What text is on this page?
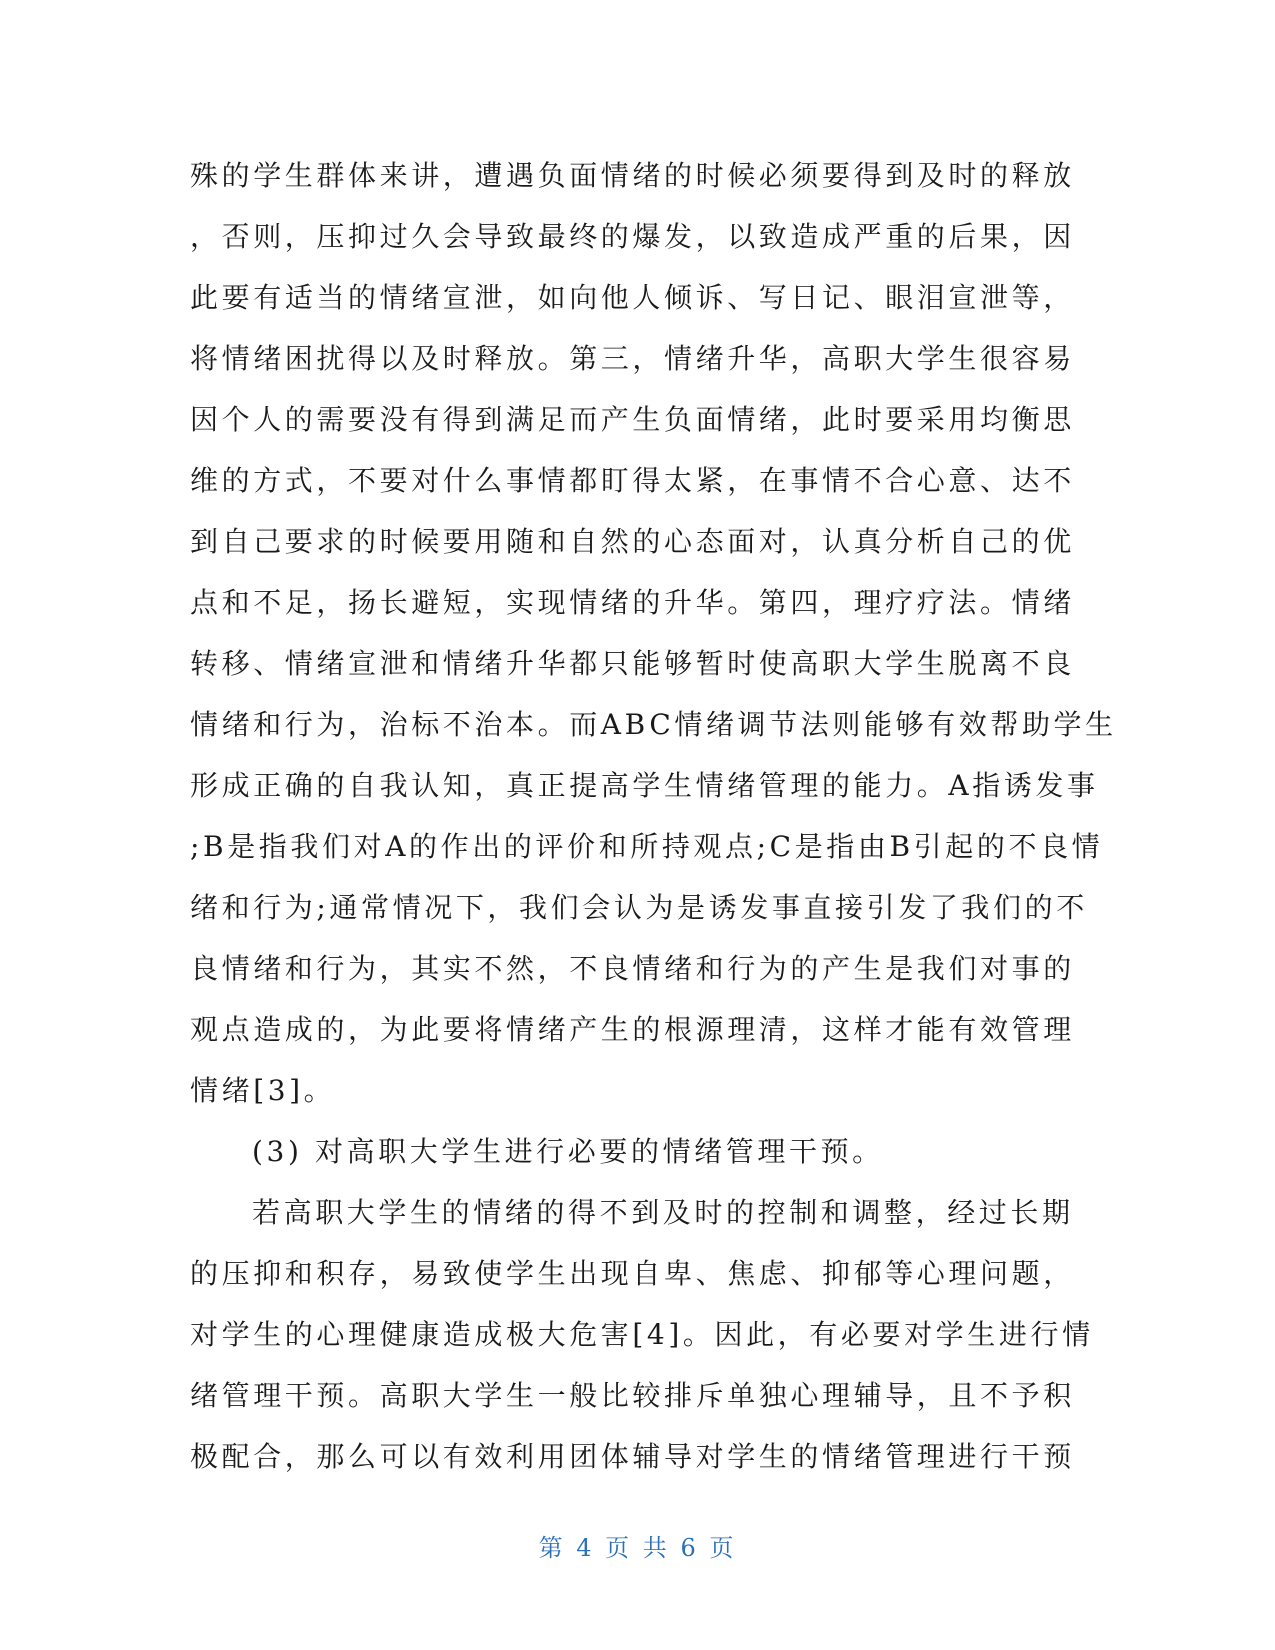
殊的学生群体来讲，遭遇负面情绪的时候必须要得到及时的释放
，否则，压抑过久会导致最终的爆发，以致造成严重的后果，因
此要有适当的情绪宣泄，如向他人倾诉、写日记、眼泪宣泄等，
将情绪困扰得以及时释放。第三，情绪升华，高职大学生很容易
因个人的需要没有得到满足而产生负面情绪，此时要采用均衡思
维的方式，不要对什么事情都盯得太紧，在事情不合心意、达不
到自己要求的时候要用随和自然的心态面对，认真分析自己的优
点和不足，扬长避短，实现情绪的升华。第四，理疗疗法。情绪
转移、情绪宣泄和情绪升华都只能够暂时使高职大学生脱离不良
情绪和行为，治标不治本。而ABC情绪调节法则能够有效帮助学生
形成正确的自我认知，真正提高学生情绪管理的能力。A指诱发事
;B是指我们对A的作出的评价和所持观点;C是指由B引起的不良情
绪和行为;通常情况下，我们会认为是诱发事直接引发了我们的不
良情绪和行为，其实不然，不良情绪和行为的产生是我们对事的
观点造成的，为此要将情绪产生的根源理清，这样才能有效管理
情绪[3]。
(3) 对高职大学生进行必要的情绪管理干预。
若高职大学生的情绪的得不到及时的控制和调整，经过长期
的压抑和积存，易致使学生出现自卑、焦虑、抑郁等心理问题，
对学生的心理健康造成极大危害[4]。因此，有必要对学生进行情
绪管理干预。高职大学生一般比较排斥单独心理辅导，且不予积
极配合，那么可以有效利用团体辅导对学生的情绪管理进行干预
第 4 页 共 6 页
